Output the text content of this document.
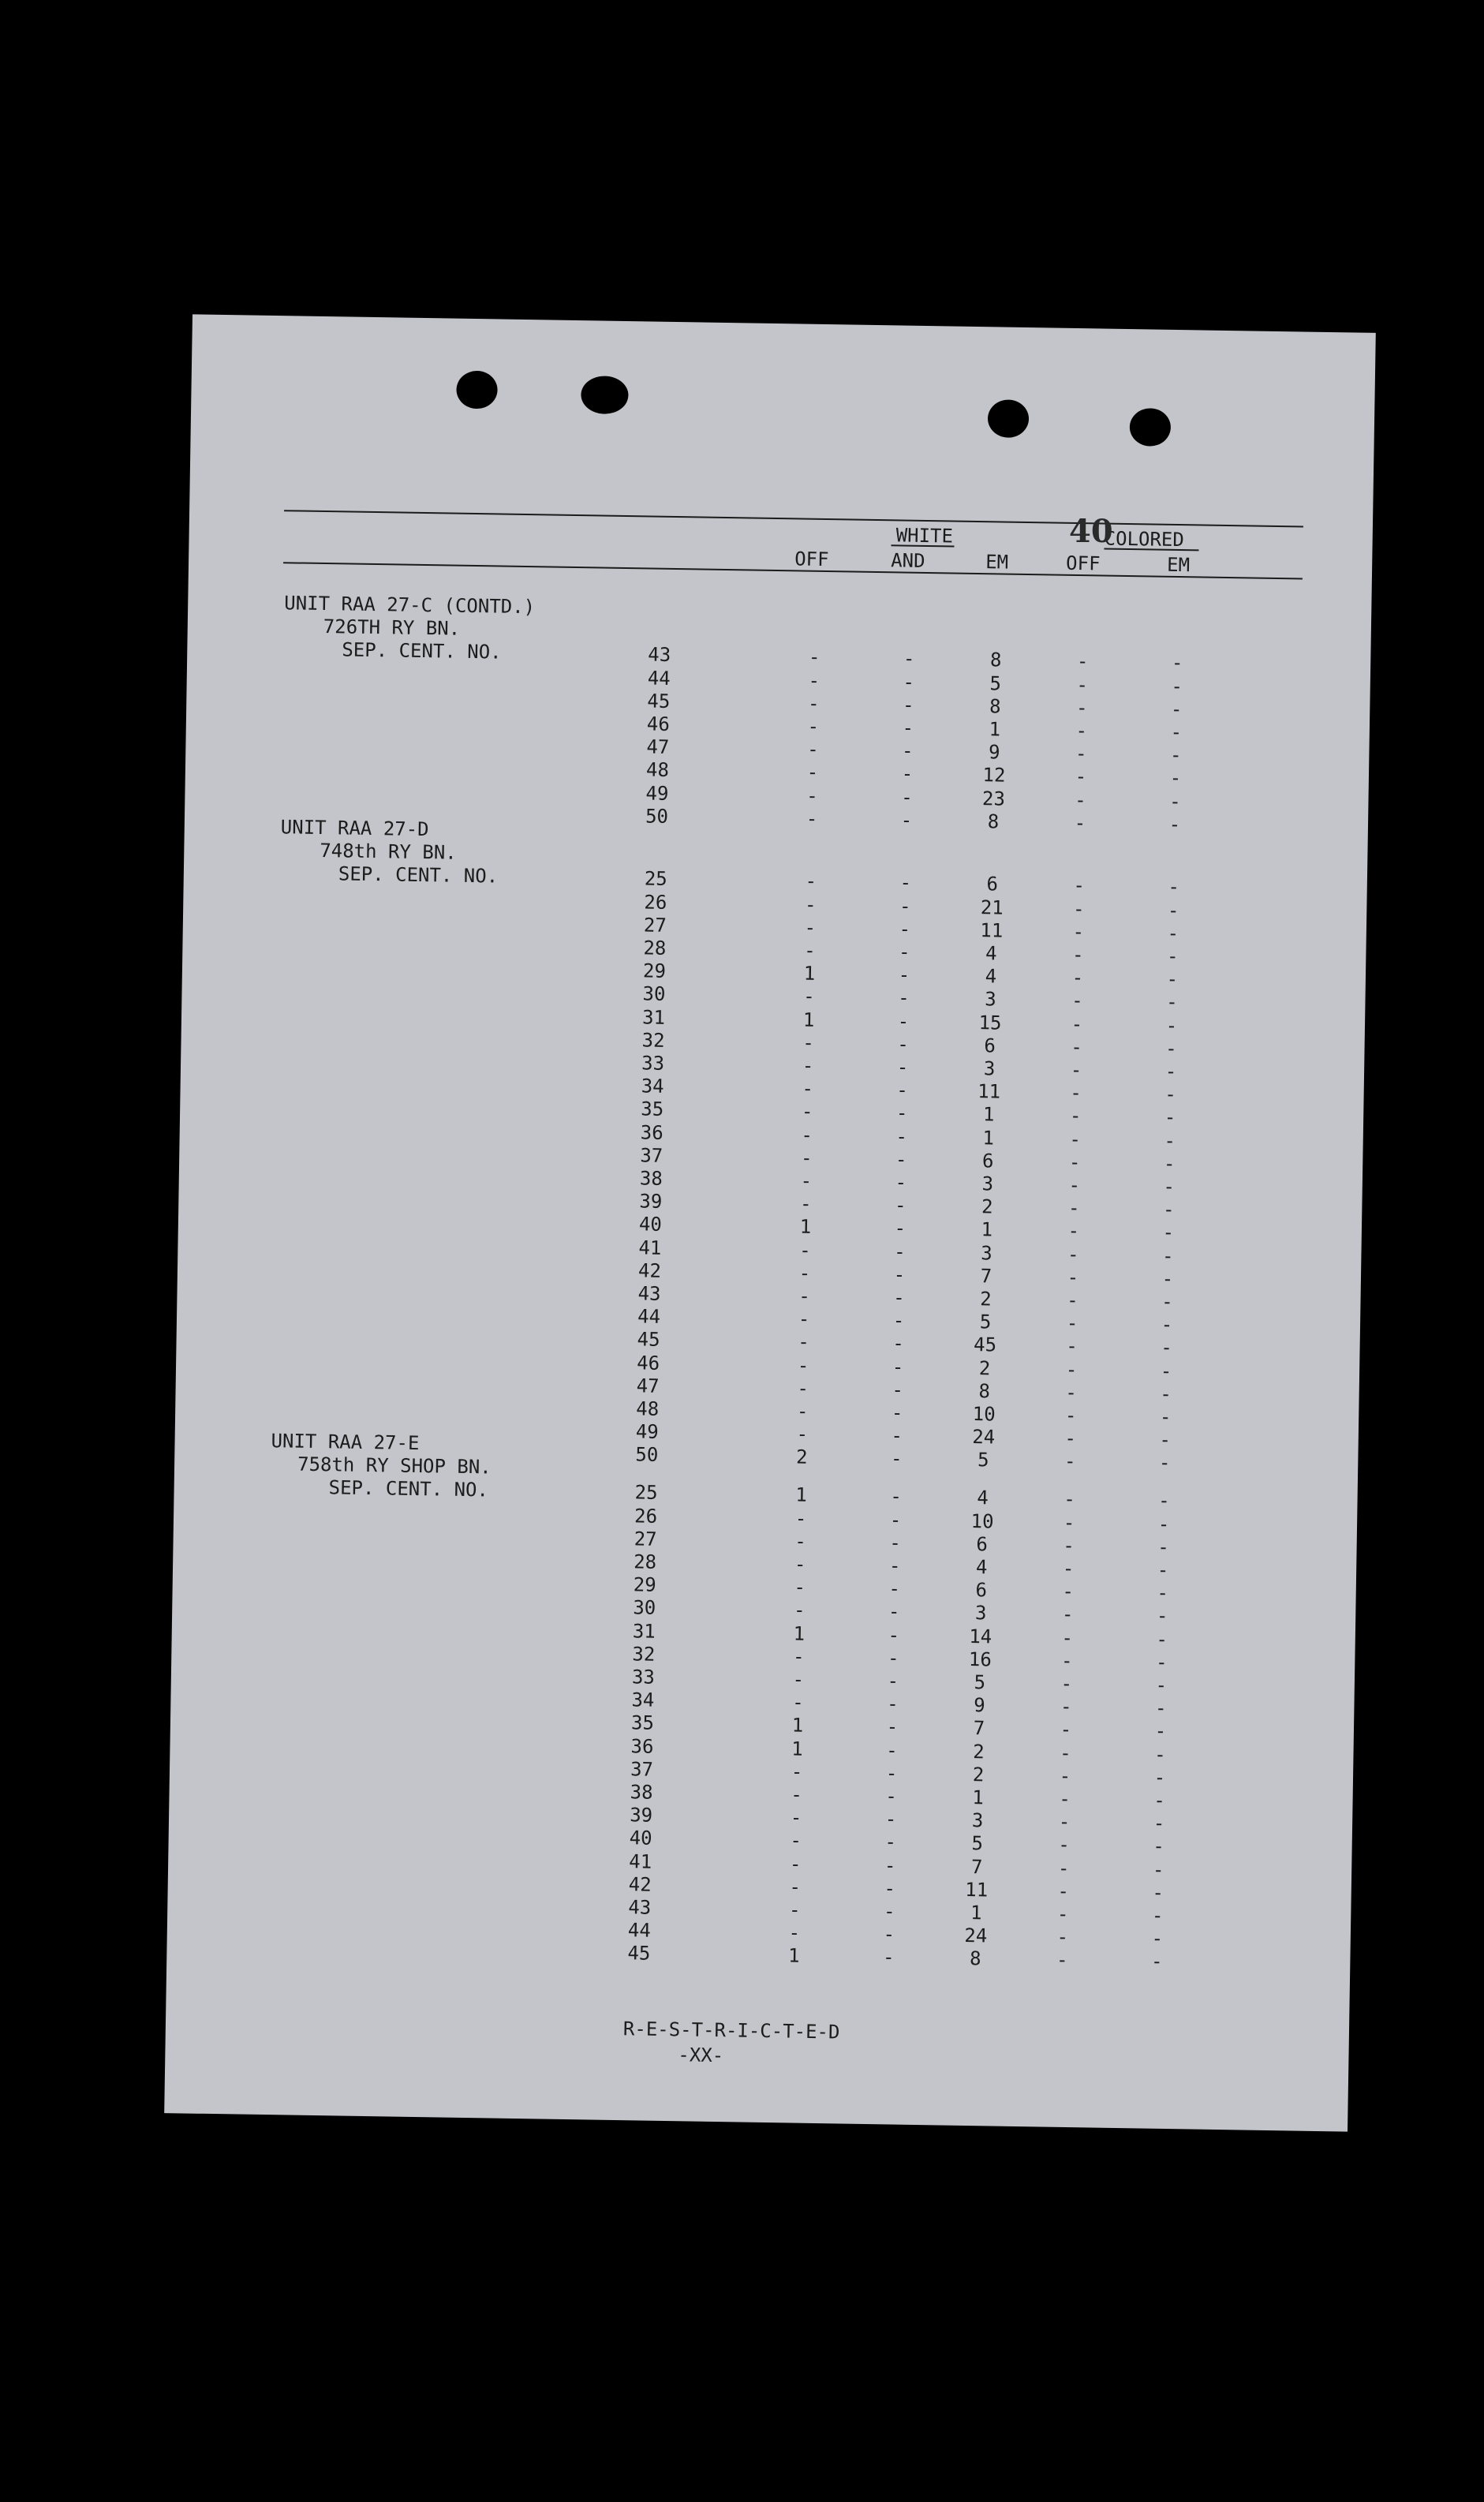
WHITE	COLORED
OFF	AND	EM	OFF	EM
UNIT RAA 27-C (CONTD.)
726TH RY BN.
SEP. CENT. NO.	43	-	-	8	-	-
44	-	-	5	-	-
45	-	-	8	-	-
46	-	-	1	-	-
47	-	-	9	-	-
48	-	-	12	-	-
49	-	-	23	-	-
50	-	-	8	-	-
UNIT RAA 27-D
748th RY BN.
SEP. CENT. NO.	25	-	-	6	-	-
26	-	-	21	-	-
27	-	-	11	-	-
28	-	-	4	-	-
29	1	-	4	-	-
30	-	-	3	-	-
31	1	-	15	-	-
32	-	-	6	-	-
33	-	-	3	-	-
34	-	-	11	-	-
35	-	-	1	-	-
36	-	-	1	-	-
37	-	-	6	-	-
38	-	-	3	-	-
39	-	-	2	-	-
40	1	-	1	-	-
41	-	-	3	-	-
42	-	-	7	-	-
43	-	-	2	-	-
44	-	-	5	-	-
45	-	-	45	-	-
46	-	-	2	-	-
47	-	-	8	-	-
48	-	-	10	-	-
49	-	-	24	-	-
50	2	-	5	-	-
UNIT RAA 27-E
758th RY SHOP BN.
SEP. CENT. NO.	25	1	-	4	-	-
26	-	-	10	-	-
27	-	-	6	-	-
28	-	-	4	-	-
29	-	-	6	-	-
30	-	-	3	-	-
31	1	-	14	-	-
32	-	-	16	-	-
33	-	-	5	-	-
34	-	-	9	-	-
35	1	-	7	-	-
36	1	-	2	-	-
37	-	-	2	-	-
38	-	-	1	-	-
39	-	-	3	-	-
40	-	-	5	-	-
41	-	-	7	-	-
42	-	-	11	-	-
43	-	-	1	-	-
44	-	-	24	-	-
45	1	-	8	-	-
R-E-S-T-R-I-C-T-E-D
-XX-
40
